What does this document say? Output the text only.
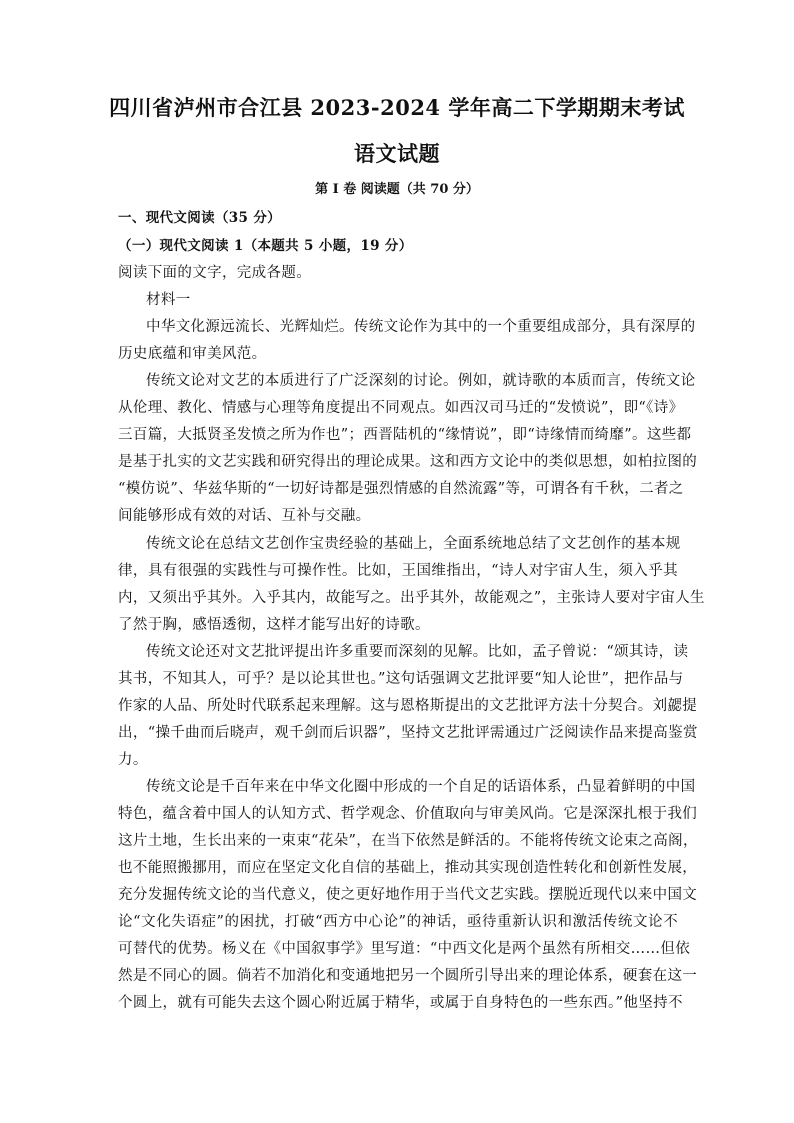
四川省泸州市合江县 2023-2024 学年高二下学期期末考试
语文试题
第 I 卷 阅读题（共 70 分）
一、现代文阅读（35 分）
（一）现代文阅读 1（本题共 5 小题，19 分）
阅读下面的文字，完成各题。
材料一
中华文化源远流长、光辉灿烂。传统文论作为其中的一个重要组成部分，具有深厚的
历史底蕴和审美风范。
传统文论对文艺的本质进行了广泛深刻的讨论。例如，就诗歌的本质而言，传统文论
从伦理、教化、情感与心理等角度提出不同观点。如西汉司马迁的“发愤说”，即“《诗》
三百篇，大抵贤圣发愤之所为作也”；西晋陆机的“缘情说”，即“诗缘情而绮靡”。这些都
是基于扎实的文艺实践和研究得出的理论成果。这和西方文论中的类似思想，如柏拉图的
“模仿说”、华兹华斯的“一切好诗都是强烈情感的自然流露”等，可谓各有千秋，二者之
间能够形成有效的对话、互补与交融。
传统文论在总结文艺创作宝贵经验的基础上，全面系统地总结了文艺创作的基本规
律，具有很强的实践性与可操作性。比如，王国维指出，“诗人对宇宙人生，须入乎其
内，又须出乎其外。入乎其内，故能写之。出乎其外，故能观之”，主张诗人要对宇宙人生
了然于胸，感悟透彻，这样才能写出好的诗歌。
传统文论还对文艺批评提出许多重要而深刻的见解。比如，孟子曾说：“颂其诗，读
其书，不知其人，可乎？是以论其世也。”这句话强调文艺批评要“知人论世”，把作品与
作家的人品、所处时代联系起来理解。这与恩格斯提出的文艺批评方法十分契合。刘勰提
出，“操千曲而后晓声，观千剑而后识器”，坚持文艺批评需通过广泛阅读作品来提高鉴赏
力。
传统文论是千百年来在中华文化圈中形成的一个自足的话语体系，凸显着鲜明的中国
特色，蕴含着中国人的认知方式、哲学观念、价值取向与审美风尚。它是深深扎根于我们
这片土地，生长出来的一束束“花朵”，在当下依然是鲜活的。不能将传统文论束之高阁，
也不能照搬挪用，而应在坚定文化自信的基础上，推动其实现创造性转化和创新性发展，
充分发掘传统文论的当代意义，使之更好地作用于当代文艺实践。摆脱近现代以来中国文
论“文化失语症”的困扰，打破“西方中心论”的神话，亟待重新认识和激活传统文论不
可替代的优势。杨义在《中国叙事学》里写道：“中西文化是两个虽然有所相交……但依
然是不同心的圆。倘若不加消化和变通地把另一个圆所引导出来的理论体系，硬套在这一
个圆上，就有可能失去这个圆心附近属于精华，或属于自身特色的一些东西。”他坚持不
